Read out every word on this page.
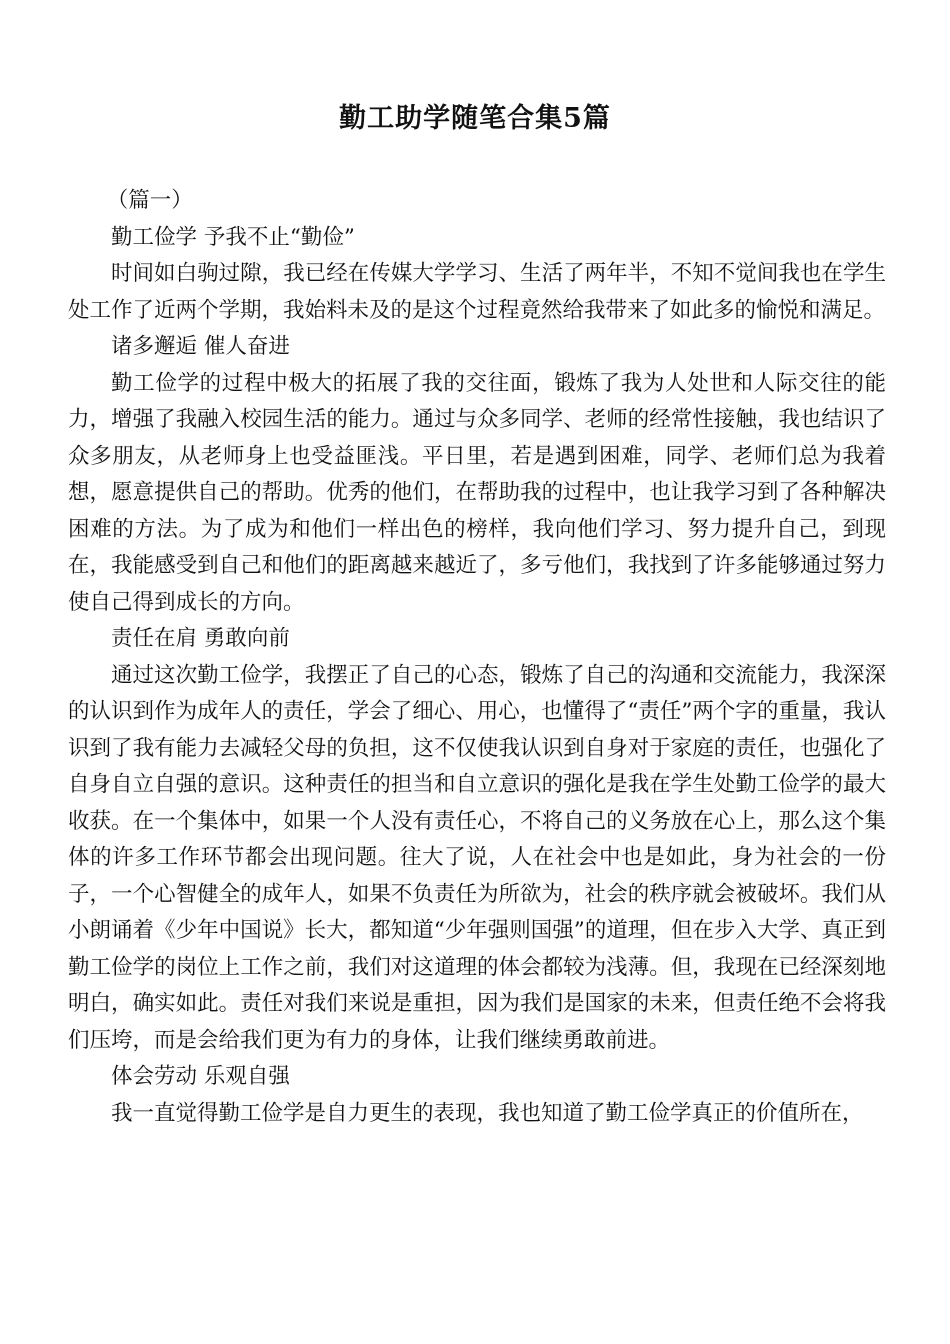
勤工助学随笔合集5篇

（篇一）

勤工俭学 予我不止“勤俭”

时间如白驹过隙，我已经在传媒大学学习、生活了两年半，不知不觉间我也在学生处工作了近两个学期，我始料未及的是这个过程竟然给我带来了如此多的愉悦和满足。

诸多邂逅 催人奋进

勤工俭学的过程中极大的拓展了我的交往面，锻炼了我为人处世和人际交往的能力，增强了我融入校园生活的能力。通过与众多同学、老师的经常性接触，我也结识了众多朋友，从老师身上也受益匪浅。平日里，若是遇到困难，同学、老师们总为我着想，愿意提供自己的帮助。优秀的他们，在帮助我的过程中，也让我学习到了各种解决困难的方法。为了成为和他们一样出色的榜样，我向他们学习、努力提升自己，到现在，我能感受到自己和他们的距离越来越近了，多亏他们，我找到了许多能够通过努力使自己得到成长的方向。

责任在肩 勇敢向前

通过这次勤工俭学，我摆正了自己的心态，锻炼了自己的沟通和交流能力，我深深的认识到作为成年人的责任，学会了细心、用心，也懂得了“责任”两个字的重量，我认识到了我有能力去减轻父母的负担，这不仅使我认识到自身对于家庭的责任，也强化了自身自立自强的意识。这种责任的担当和自立意识的强化是我在学生处勤工俭学的最大收获。在一个集体中，如果一个人没有责任心，不将自己的义务放在心上，那么这个集体的许多工作环节都会出现问题。往大了说，人在社会中也是如此，身为社会的一份子，一个心智健全的成年人，如果不负责任为所欲为，社会的秩序就会被破坏。我们从小朗诵着《少年中国说》长大，都知道“少年强则国强”的道理，但在步入大学、真正到勤工俭学的岗位上工作之前，我们对这道理的体会都较为浅薄。但，我现在已经深刻地明白，确实如此。责任对我们来说是重担，因为我们是国家的未来，但责任绝不会将我们压垮，而是会给我们更为有力的身体，让我们继续勇敢前进。

体会劳动 乐观自强

我一直觉得勤工俭学是自力更生的表现，我也知道了勤工俭学真正的价值所在，
